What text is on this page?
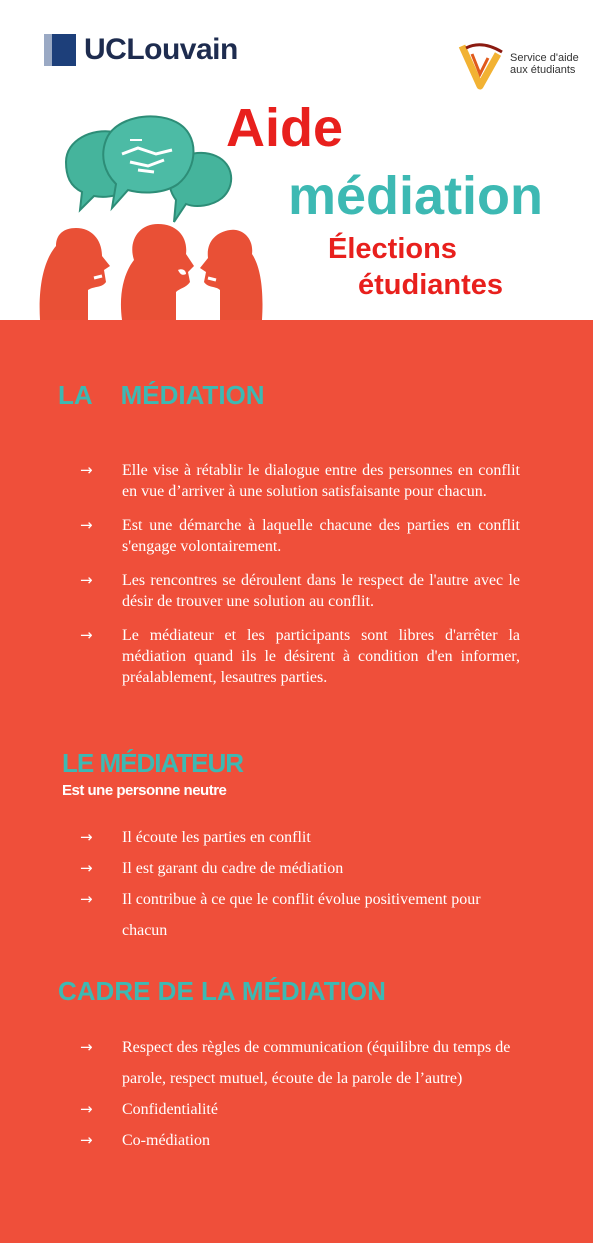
UCLouvain	Service d'aide aux étudiants
Aide
médiation
Élections
étudiantes
LA    MÉDIATION
→ Elle vise à rétablir le dialogue entre des personnes en conflit en vue d’arriver à une solution satisfaisante pour chacun.
→ Est une démarche à laquelle chacune des parties en conflit s'engage volontairement.
→ Les rencontres se déroulent dans le respect de l'autre avec le désir de trouver une solution au conflit.
→ Le médiateur et les participants sont libres d'arrêter la médiation quand ils le désirent à condition d'en informer, préalablement, lesautres parties.
LE MÉDIATEUR
Est une personne neutre
→ Il écoute les parties en conflit
→ Il est garant du cadre de médiation
→ Il contribue à ce que le conflit évolue positivement pour chacun
CADRE DE LA MÉDIATION
→ Respect des règles de communication (équilibre du temps de parole, respect mutuel, écoute de la parole de l’autre)
→ Confidentialité
→ Co-médiation
